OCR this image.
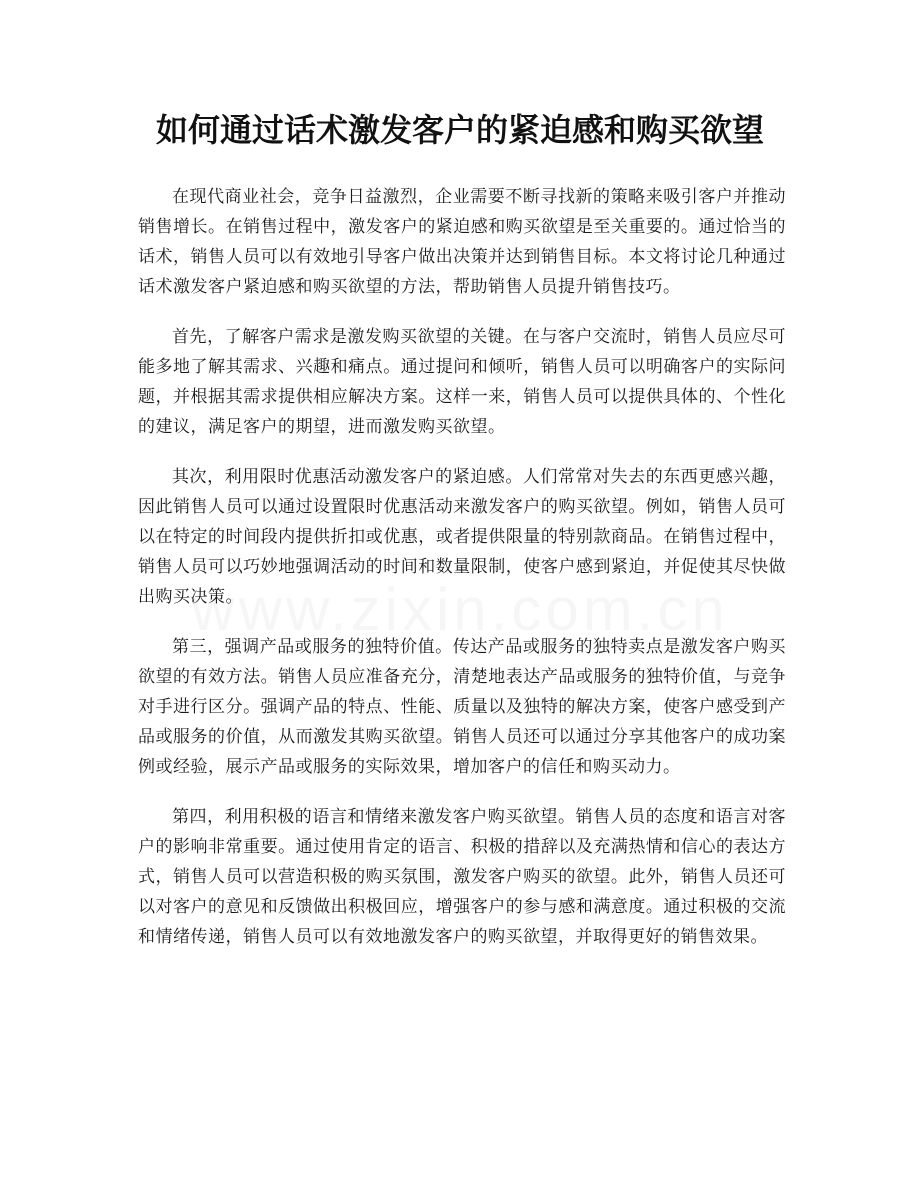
如何通过话术激发客户的紧迫感和购买欲望

在现代商业社会，竞争日益激烈，企业需要不断寻找新的策略来吸引客户并推动销售增长。在销售过程中，激发客户的紧迫感和购买欲望是至关重要的。通过恰当的话术，销售人员可以有效地引导客户做出决策并达到销售目标。本文将讨论几种通过话术激发客户紧迫感和购买欲望的方法，帮助销售人员提升销售技巧。

首先，了解客户需求是激发购买欲望的关键。在与客户交流时，销售人员应尽可能多地了解其需求、兴趣和痛点。通过提问和倾听，销售人员可以明确客户的实际问题，并根据其需求提供相应解决方案。这样一来，销售人员可以提供具体的、个性化的建议，满足客户的期望，进而激发购买欲望。

其次，利用限时优惠活动激发客户的紧迫感。人们常常对失去的东西更感兴趣，因此销售人员可以通过设置限时优惠活动来激发客户的购买欲望。例如，销售人员可以在特定的时间段内提供折扣或优惠，或者提供限量的特别款商品。在销售过程中，销售人员可以巧妙地强调活动的时间和数量限制，使客户感到紧迫，并促使其尽快做出购买决策。

第三，强调产品或服务的独特价值。传达产品或服务的独特卖点是激发客户购买欲望的有效方法。销售人员应准备充分，清楚地表达产品或服务的独特价值，与竞争对手进行区分。强调产品的特点、性能、质量以及独特的解决方案，使客户感受到产品或服务的价值，从而激发其购买欲望。销售人员还可以通过分享其他客户的成功案例或经验，展示产品或服务的实际效果，增加客户的信任和购买动力。

第四，利用积极的语言和情绪来激发客户购买欲望。销售人员的态度和语言对客户的影响非常重要。通过使用肯定的语言、积极的措辞以及充满热情和信心的表达方式，销售人员可以营造积极的购买氛围，激发客户购买的欲望。此外，销售人员还可以对客户的意见和反馈做出积极回应，增强客户的参与感和满意度。通过积极的交流和情绪传递，销售人员可以有效地激发客户的购买欲望，并取得更好的销售效果。
